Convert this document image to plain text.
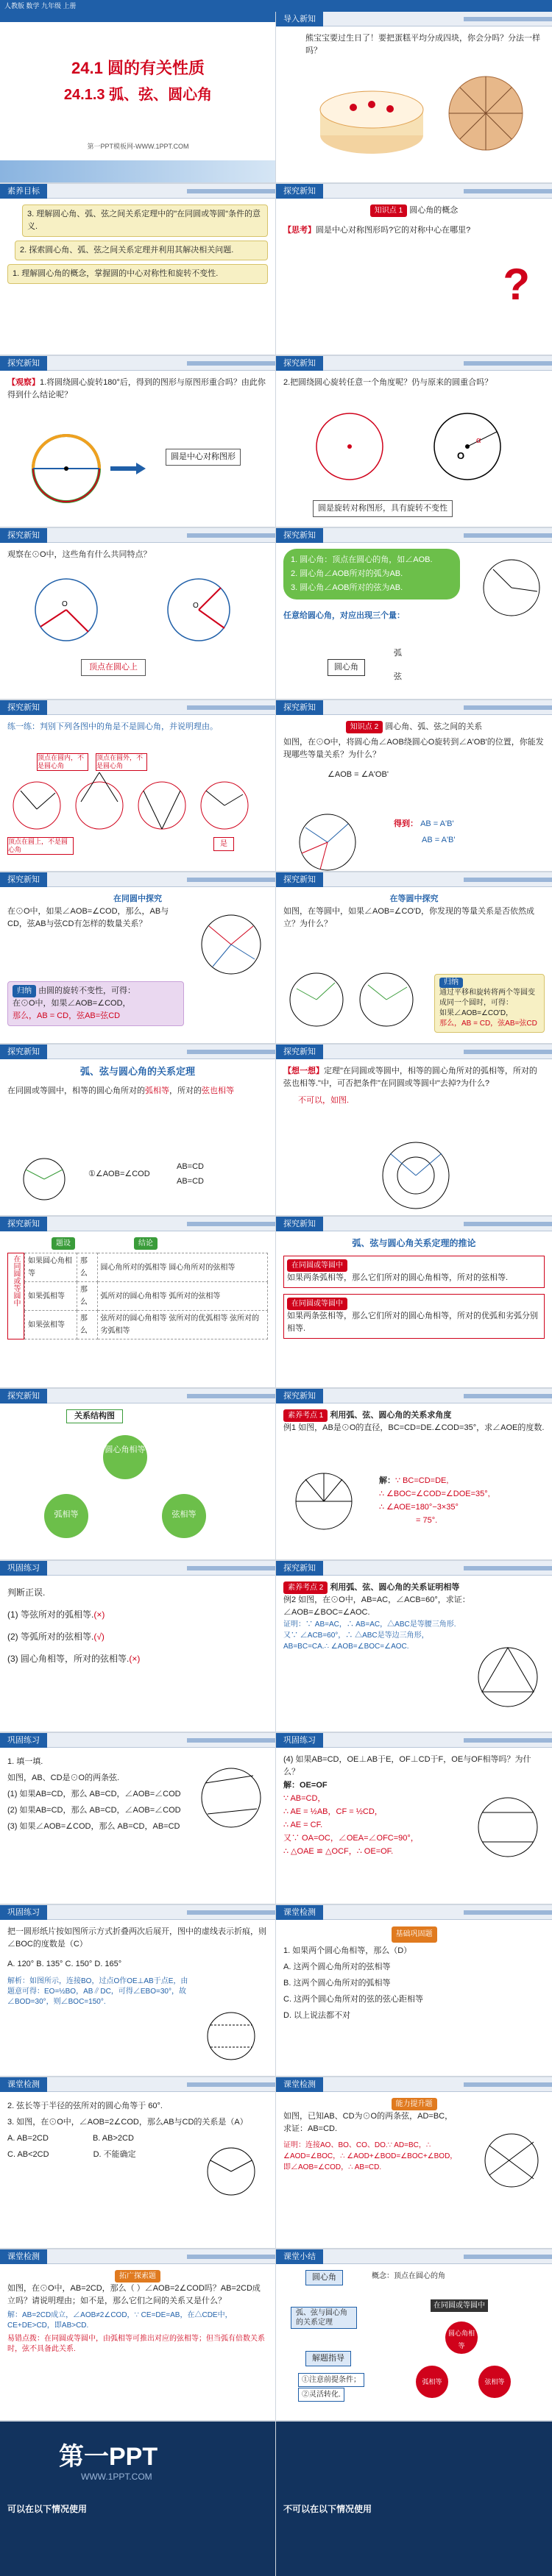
人教版 数学 九年级 上册
24.1 圆的有关性质
24.1.3 弧、弦、圆心角
第一PPT模板网-WWW.1PPT.COM
导入新知
熊宝宝要过生日了！要把蛋糕平均分成四块，你会分吗？分法一样吗？
素养目标
3. 理解圆心角、弧、弦之间关系定理中的"在同圆或等圆"条件的意义.
2. 探索圆心角、弧、弦之间关系定理并利用其解决相关问题.
1. 理解圆心角的概念，掌握圆的中心对称性和旋转不变性.
探究新知
知识点 1 圆心角的概念
【思考】圆是中心对称图形吗?它的对称中心在哪里?
?
探究新知
【观察】1.将圆绕圆心旋转180°后，得到的图形与原图形重合吗？由此你得到什么结论呢？
圆是中心对称图形
探究新知
2.把圆绕圆心旋转任意一个角度呢？仍与原来的圆重合吗？
O
α
圆是旋转对称图形，具有旋转不变性
探究新知
观察在⊙O中，这些角有什么共同特点？
O	O
顶点在圆心上
探究新知
1. 圆心角：顶点在圆心的角，如∠AOB.
2. 圆心角∠AOB所对的弧为AB.
3. 圆心角∠AOB所对的弦为AB.
任意给圆心角，对应出现三个量：
圆心角
弧
弦
探究新知
练一练：判别下列各图中的角是不是圆心角，并说明理由。
顶点在圆内，不是圆心角
顶点在圆外，不是圆心角
顶点在圆上，不是圆心角
是
探究新知
知识点 2 圆心角、弧、弦之间的关系
如图，在⊙O中，将圆心角∠AOB绕圆心O旋转到∠A'OB'的位置，你能发现哪些等量关系？为什么？
∠AOB = ∠A'OB'
得到： AB = A'B'
AB = A'B'
探究新知
在同圆中探究
在⊙O中，如果∠AOB=∠COD，那么，AB与CD，弦AB与弦CD有怎样的数量关系？
归纳 由圆的旋转不变性，可得：
在⊙O中，如果∠AOB=∠COD，
那么，AB = CD，弦AB=弦CD
探究新知
在等圆中探究
如图，在等圆中，如果∠AOB=∠CO'D，你发现的等量关系是否依然成立？为什么？
归纳
通过平移和旋转将两个等圆变成同一个圆时，可得：
如果∠AOB=∠CO'D，
那么，AB = CD，弦AB=弦CD
探究新知
弧、弦与圆心角的关系定理
在同圆或等圆中，相等的圆心角所对的弧相等，所对的弦也相等
①∠AOB=∠COD
AB=CD
AB=CD
探究新知
【想一想】定理"在同圆或等圆中，相等的圆心角所对的弧相等，所对的弦也相等."中，可否把条件"在同圆或等圆中"去掉?为什么?
不可以，如图.
探究新知
题设	结论
在同圆或等圆中	如果圆心角相等	那么	圆心角所对的弧相等 圆心角所对的弦相等
如果弧相等	那么	弧所对的圆心角相等 弧所对的弦相等
如果弦相等	那么	弦所对的圆心角相等 弦所对的优弧相等 弦所对的劣弧相等
探究新知
弧、弦与圆心角关系定理的推论
在同圆或等圆中
如果两条弧相等，那么它们所对的圆心角相等，所对的弦相等.
在同圆或等圆中
如果两条弦相等，那么它们所对的圆心角相等，所对的优弧和劣弧分别相等.
探究新知
关系结构图
圆心角相等
弧相等	弦相等
探究新知
素养考点 1 利用弧、弦、圆心角的关系求角度
例1 如图，AB是⊙O的直径，BC=CD=DE.∠COD=35°，求∠AOE的度数.
解：∵ BC=CD=DE,
∴ ∠BOC=∠COD=∠DOE=35°,
∴ ∠AOE=180°−3×35°
= 75°.
巩固练习
判断正误.
(1) 等弦所对的弧相等.(×)
(2) 等弧所对的弦相等.(√)
(3) 圆心角相等，所对的弦相等.(×)
探究新知
素养考点 2 利用弧、弦、圆心角的关系证明相等
例2 如图，在⊙O中，AB=AC，∠ACB=60°，求证：∠AOB=∠BOC=∠AOC.
证明：∵ AB=AC，∴ AB=AC，△ABC是等腰三角形.又∵ ∠ACB=60°，∴ △ABC是等边三角形，AB=BC=CA.∴ ∠AOB=∠BOC=∠AOC.
巩固练习
1. 填一填.
如图，AB、CD是⊙O的两条弦.
(1) 如果AB=CD，那么 AB=CD，∠AOB=∠COD
(2) 如果AB=CD，那么 AB=CD，∠AOB=∠COD
(3) 如果∠AOB=∠COD，那么 AB=CD，AB=CD
巩固练习
(4) 如果AB=CD，OE⊥AB于E，OF⊥CD于F，OE与OF相等吗？为什么？
解：OE=OF
∵ AB=CD，
∴ AE = ½AB，CF = ½CD，
∴ AE = CF.
又∵ OA=OC，∠OEA=∠OFC=90°，
∴ △OAE ≌ △OCF，∴ OE=OF.
巩固练习
把一圆形纸片按如图所示方式折叠两次后展开，图中的虚线表示折痕，则∠BOC的度数是（C）
A. 120° B. 135° C. 150° D. 165°
解析：如图所示，连接BO，过点O作OE⊥AB于点E，由题意可得：EO=½BO，AB∥DC，可得∠EBO=30°，故∠BOD=30°，则∠BOC=150°.
课堂检测
基础巩固题
1. 如果两个圆心角相等，那么（D）
A. 这两个圆心角所对的弦相等
B. 这两个圆心角所对的弧相等
C. 这两个圆心角所对的弦的弦心距相等
D. 以上说法都不对
课堂检测
2. 弦长等于半径的弦所对的圆心角等于 60°.
3. 如图，在⊙O中，∠AOB=2∠COD，那么AB与CD的关系是（A）
A. AB=2CD	B. AB>2CD
C. AB<2CD	D. 不能确定
课堂检测
能力提升题
如图，已知AB、CD为⊙O的两条弦，AD=BC，求证：AB=CD.
证明：连接AO、BO、CO、DO.∵ AD=BC，∴ ∠AOD=∠BOC，∴ ∠AOD+∠BOD=∠BOC+∠BOD，即∠AOB=∠COD，∴ AB=CD.
课堂检测
拓广探索题
如图，在⊙O中，AB=2CD，那么（ ）∠AOB=2∠COD吗？AB=2CD成立吗？请说明理由；如不是，那么它们之间的关系又是什么？
解：AB=2CD成立，∠AOB≠2∠COD，∵ CE=DE=AB，在△CDE中，CE+DE>CD，即AB>CD.
易错点拨：在同圆或等圆中，由弧相等可推出对应的弦相等；但当弧有倍数关系时，弦不具备此关系.
课堂小结
圆心角	概念：顶点在圆心的角
弧、弦与圆心角的关系定理
解题指导
①注意前提条件；
②灵活转化.
在同圆或等圆中
圆心角相等
弧相等	弦相等
第一PPT
WWW.1PPT.COM
可以在以下情况使用	不可以在以下情况使用
